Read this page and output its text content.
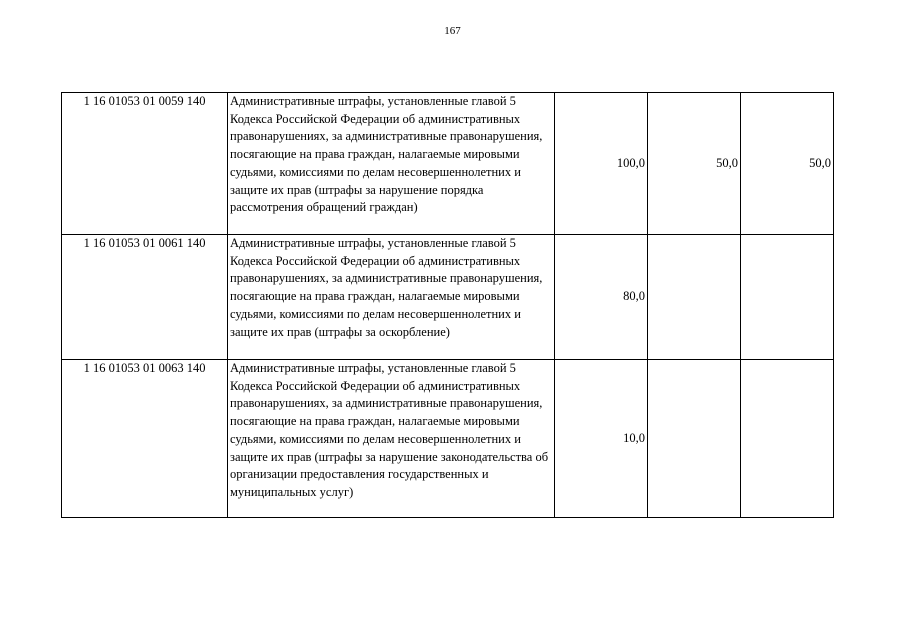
167
1 16 01053 01 0059 140	Административные штрафы, установленные главой 5 Кодекса Российской Федерации об административных правонарушениях, за административные правонарушения, посягающие на права граждан, налагаемые мировыми судьями, комиссиями по делам несовершеннолетних и защите их прав (штрафы за нарушение порядка рассмотрения обращений граждан)	100,0	50,0	50,0
1 16 01053 01 0061 140	Административные штрафы, установленные главой 5 Кодекса Российской Федерации об административных правонарушениях, за административные правонарушения, посягающие на права граждан, налагаемые мировыми судьями, комиссиями по делам несовершеннолетних и защите их прав (штрафы за оскорбление)	80,0		
1 16 01053 01 0063 140	Административные штрафы, установленные главой 5 Кодекса Российской Федерации об административных правонарушениях, за административные правонарушения, посягающие на права граждан, налагаемые мировыми судьями, комиссиями по делам несовершеннолетних и защите их прав (штрафы за нарушение законодательства об организации предоставления государственных и муниципальных услуг)	10,0		
